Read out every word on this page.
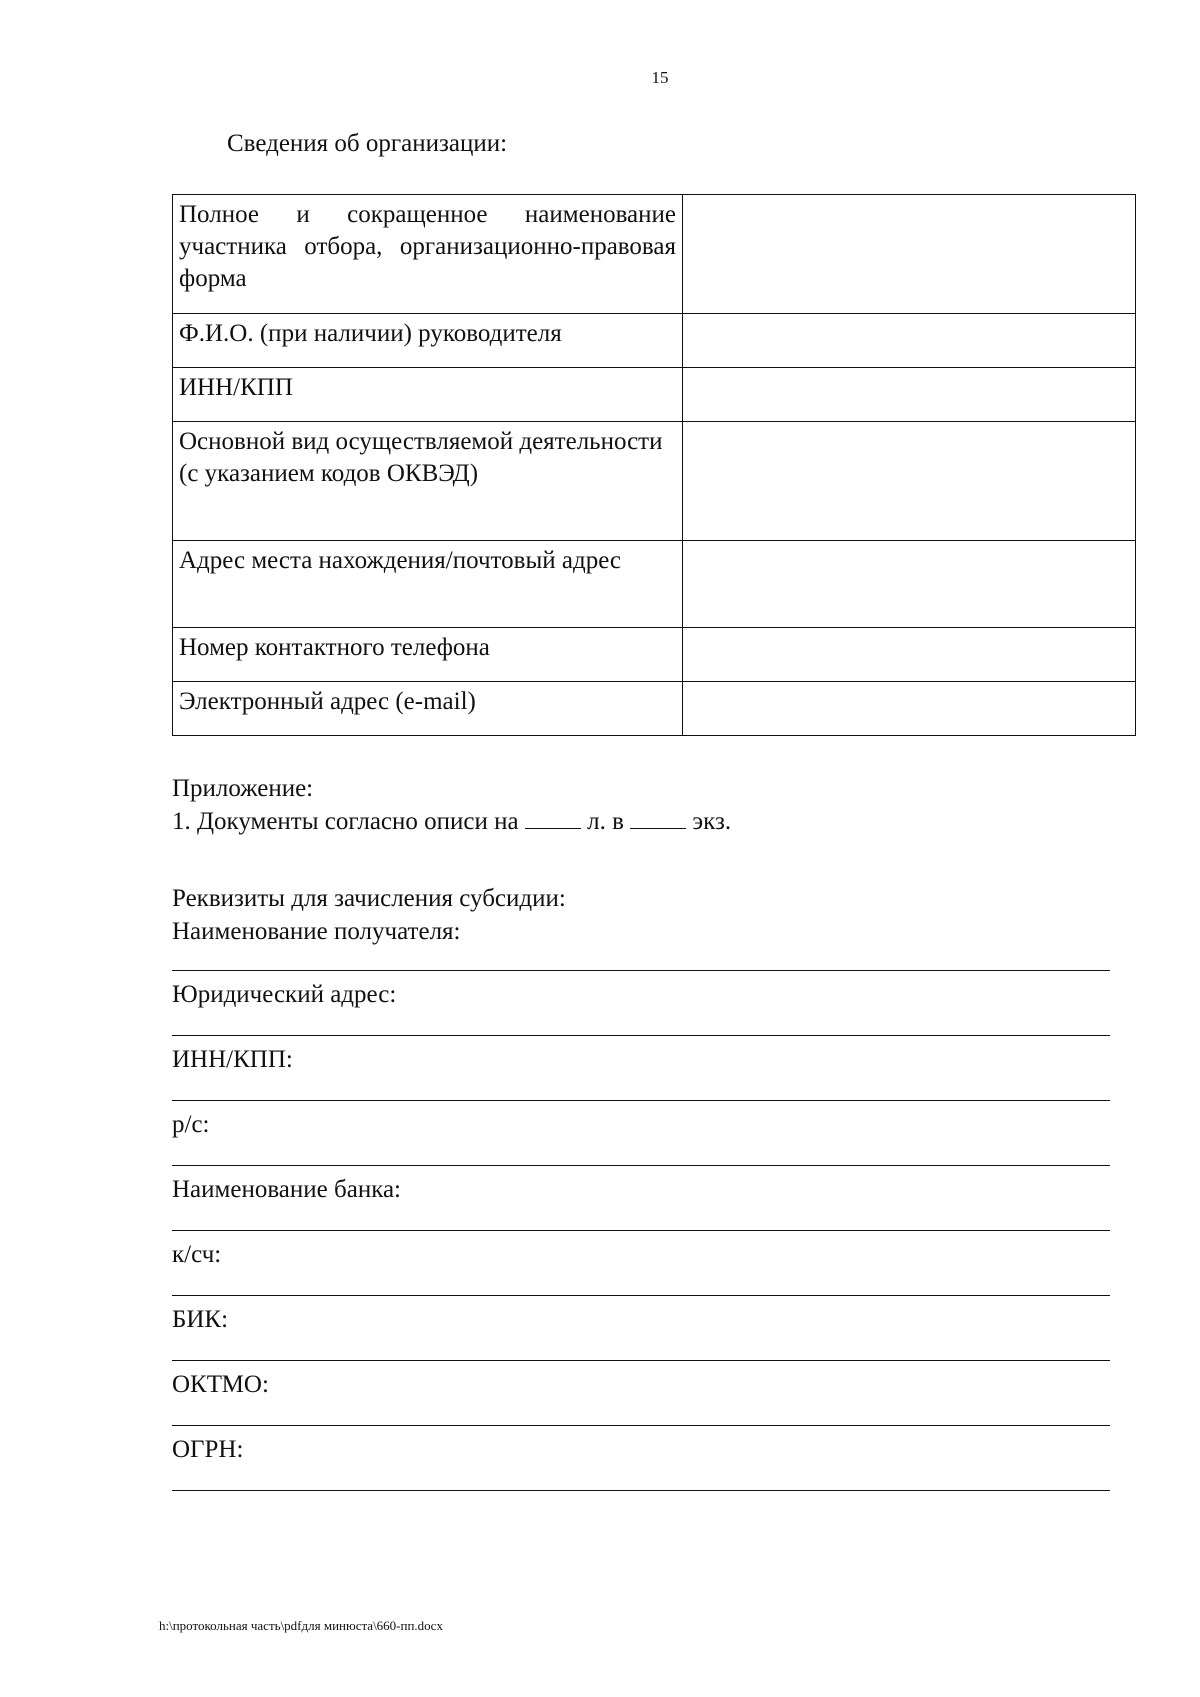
15
Сведения об организации:
Полное и сокращенное наименование участника отбора, организационно-правовая форма	
Ф.И.О. (при наличии) руководителя	
ИНН/КПП	
Основной вид осуществляемой деятельности (с указанием кодов ОКВЭД)	
Адрес места нахождения/почтовый адрес	
Номер контактного телефона	
Электронный адрес (e-mail)	
Приложение:
1. Документы согласно описи на	л. в	экз.
Реквизиты для зачисления субсидии:
Наименование получателя:
Юридический адрес:
ИНН/КПП:
р/с:
Наименование банка:
к/сч:
БИК:
ОКТМО:
ОГРН:
h:\протокольная часть\pdfдля минюста\660-пп.docx
